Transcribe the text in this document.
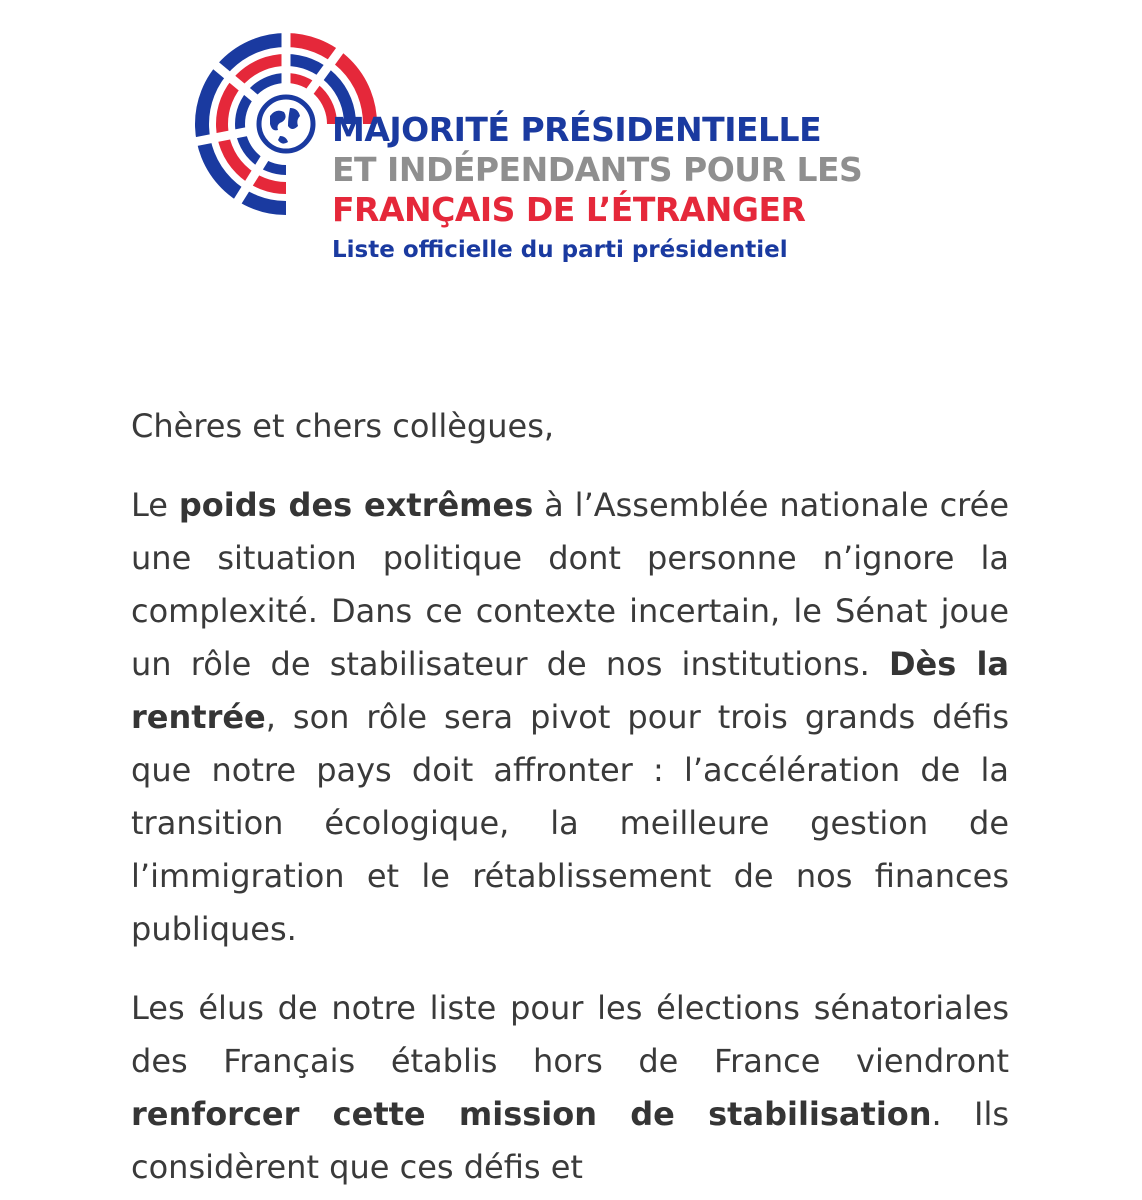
MAJORITÉ PRÉSIDENTIELLE
ET INDÉPENDANTS POUR LES
FRANÇAIS DE L’ÉTRANGER
Liste officielle du parti présidentiel

Chères et chers collègues,

Le poids des extrêmes à l’Assemblée nationale crée une situation politique dont personne n’ignore la complexité. Dans ce contexte incertain, le Sénat joue un rôle de stabilisateur de nos institutions. Dès la rentrée, son rôle sera pivot pour trois grands défis que notre pays doit affronter : l’accélération de la transition écologique, la meilleure gestion de l’immigration et le rétablissement de nos finances publiques.

Les élus de notre liste pour les élections sénatoriales des Français établis hors de France viendront renforcer cette mission de stabilisation. Ils considèrent que ces défis et
